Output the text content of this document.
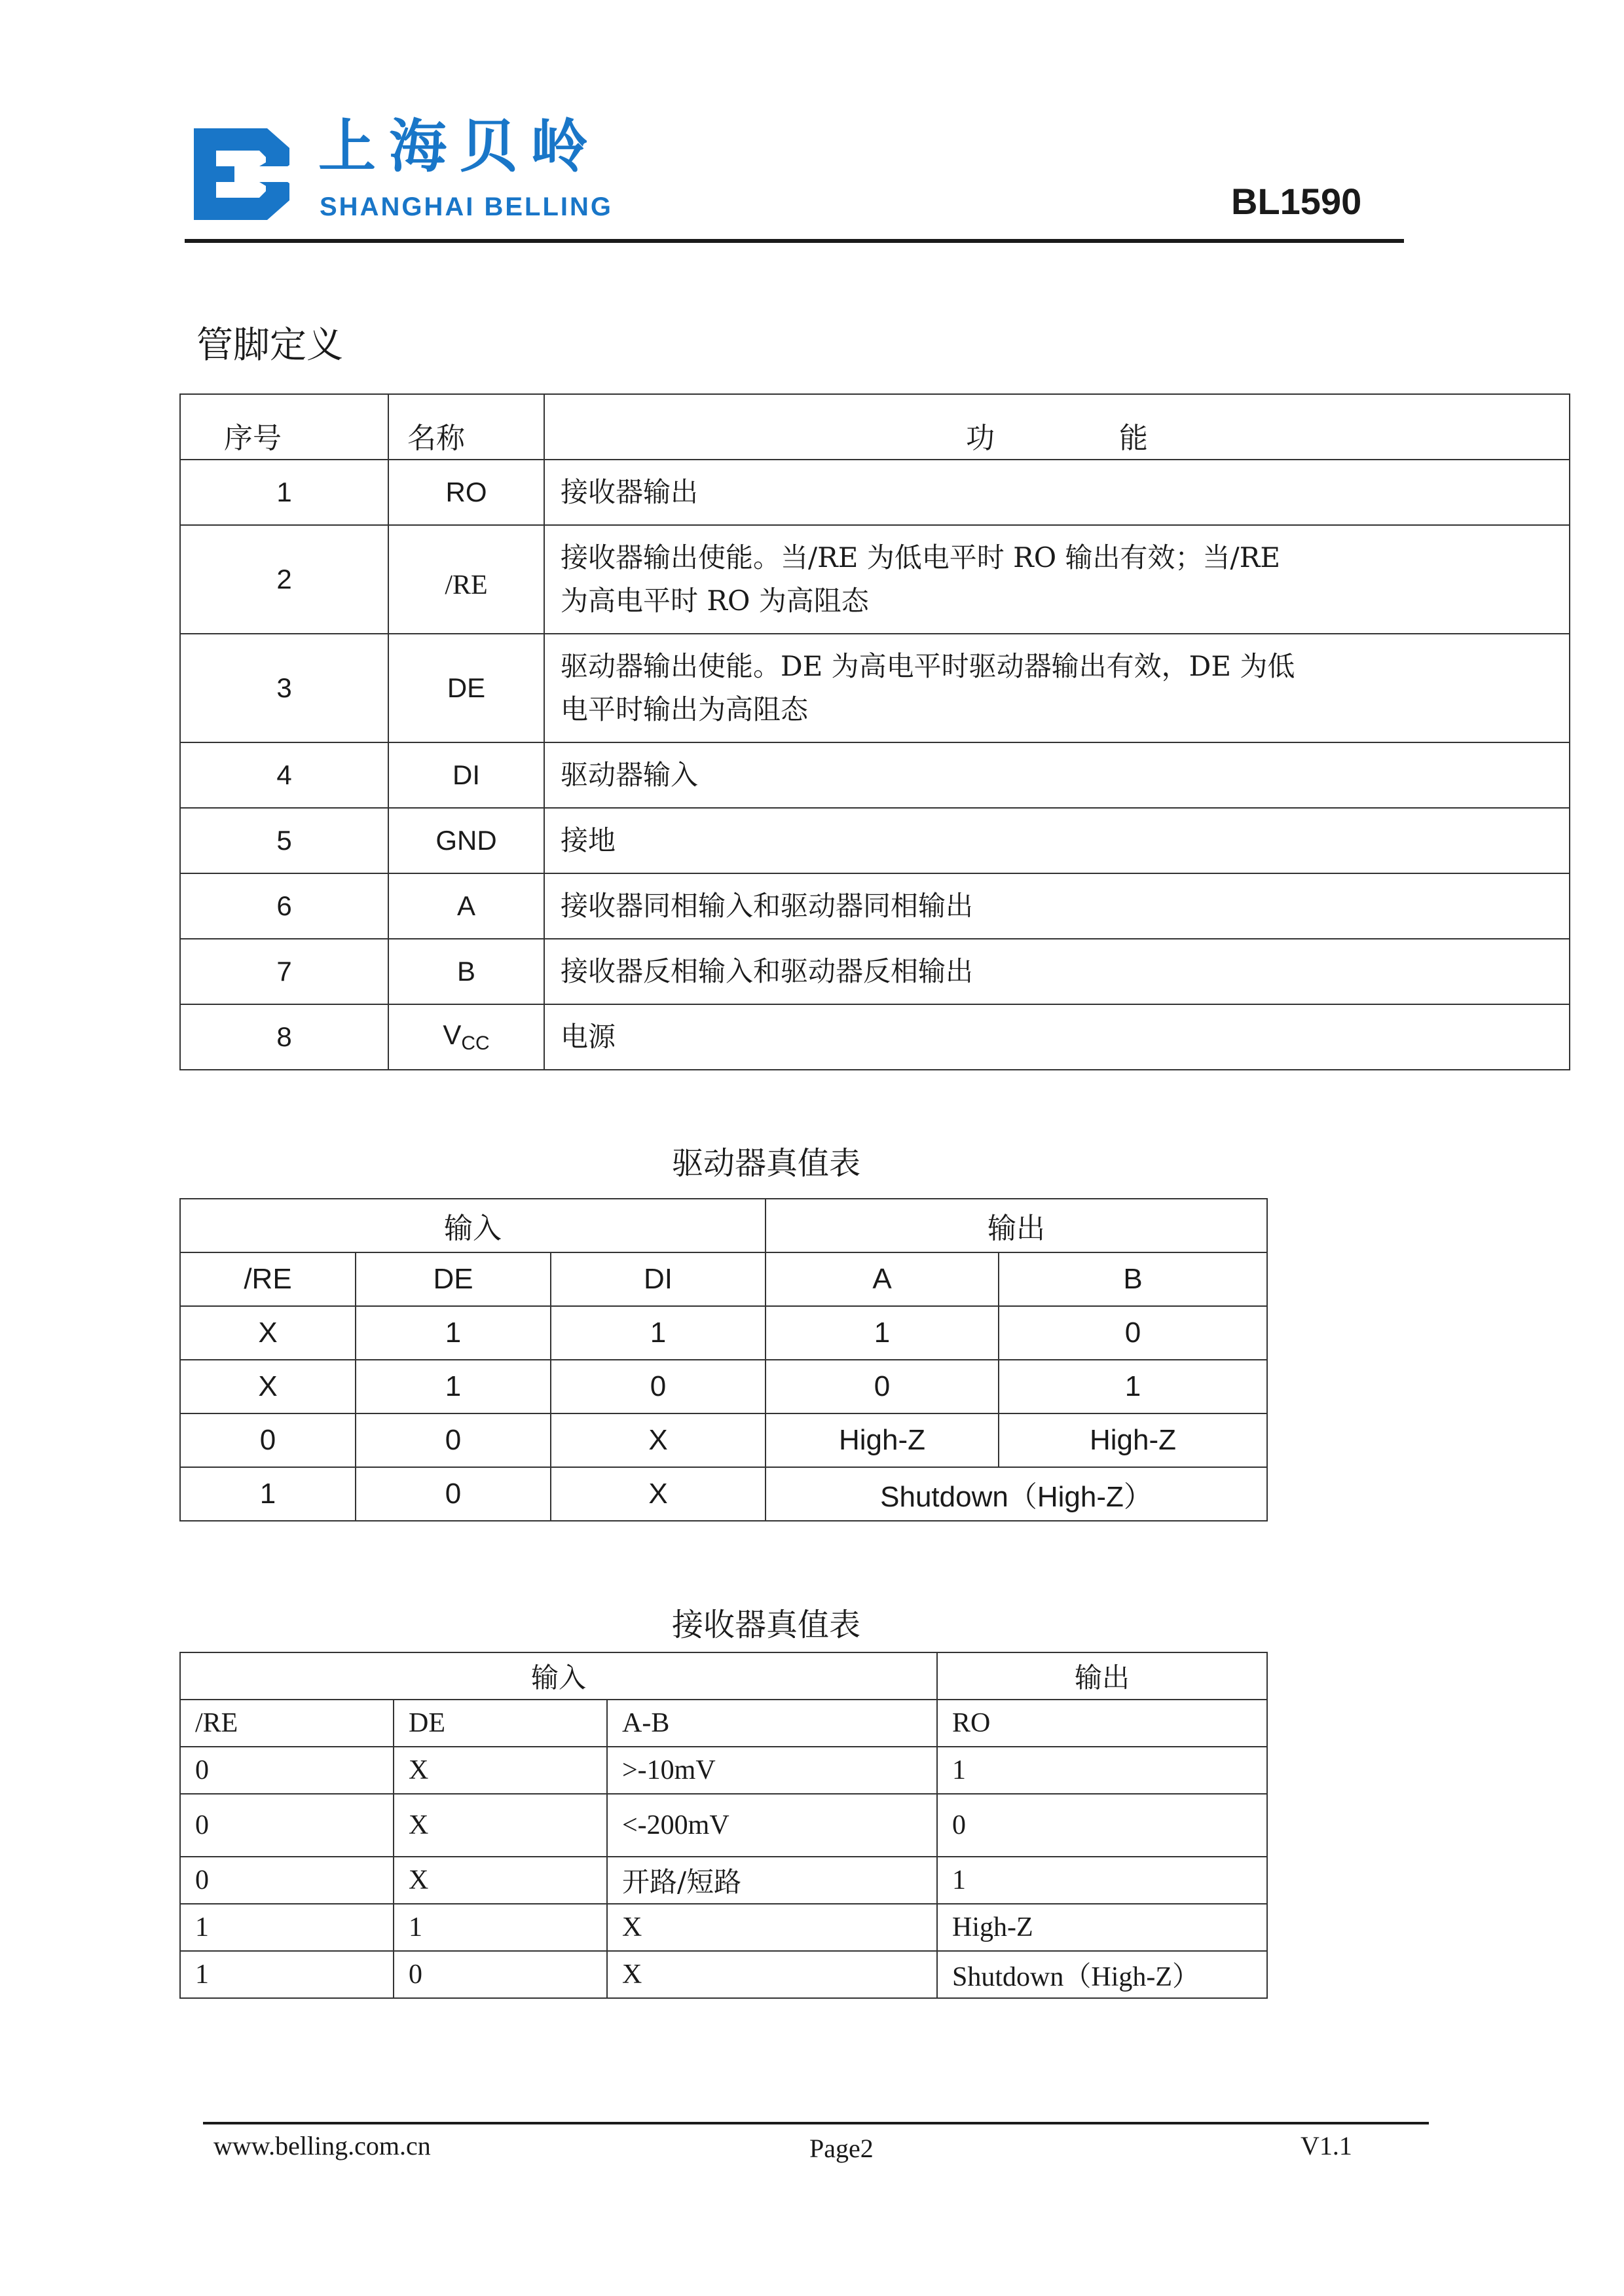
上海贝岭
SHANGHAI BELLING	BL1590
管脚定义
序号	名称	功 能
1	RO	接收器输出
2	/RE	接收器输出使能。当/RE 为低电平时 RO 输出有效；当/RE
为高电平时 RO 为高阻态

3	DE	驱动器输出使能。DE 为高电平时驱动器输出有效，DE 为低
电平时输出为高阻态

4	DI	驱动器输入
5	GND	接地
6	A	接收器同相输入和驱动器同相输出
7	B	接收器反相输入和驱动器反相输出
8	$V_{CC}$	电源
驱动器真值表
输入			输出	
/RE	DE	DI	A	B
X	1	1	1	0
X	1	0	0	1
0	0	X	High-Z	High-Z
1	0	X	Shutdown（High-Z）	
接收器真值表
输入			输出
/RE	DE	A-B	RO
0	X	>-10mV	1
0	X	<-200mV	0
0	X	开路/短路	1
1	1	X	High-Z
1	0	X	Shutdown（High-Z）
www.belling.com.cn	Page2	V1.1
